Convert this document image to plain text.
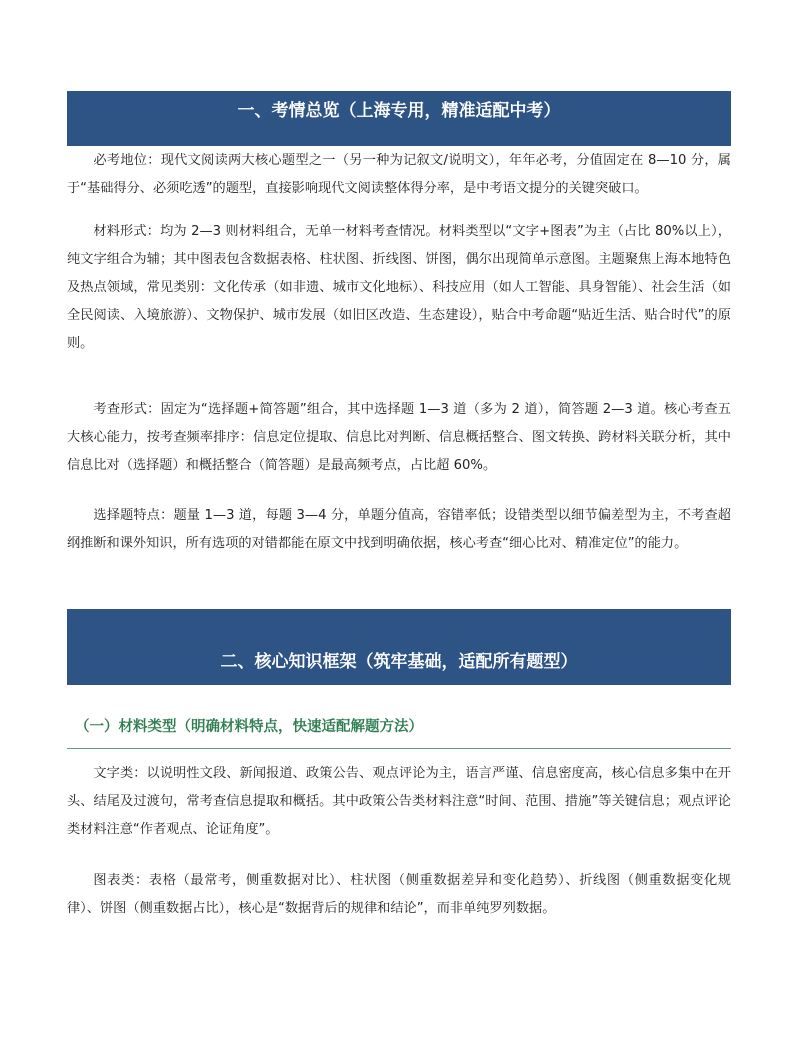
一、考情总览（上海专用，精准适配中考）

必考地位：现代文阅读两大核心题型之一（另一种为记叙文/说明文），年年必考，分值固定在 8—10 分，属于“基础得分、必须吃透”的题型，直接影响现代文阅读整体得分率，是中考语文提分的关键突破口。

材料形式：均为 2—3 则材料组合，无单一材料考查情况。材料类型以“文字+图表”为主（占比 80%以上），纯文字组合为辅；其中图表包含数据表格、柱状图、折线图、饼图，偶尔出现简单示意图。主题聚焦上海本地特色及热点领域，常见类别：文化传承（如非遗、城市文化地标）、科技应用（如人工智能、具身智能）、社会生活（如全民阅读、入境旅游）、文物保护、城市发展（如旧区改造、生态建设），贴合中考命题“贴近生活、贴合时代”的原则。

考查形式：固定为“选择题+简答题”组合，其中选择题 1—3 道（多为 2 道），简答题 2—3 道。核心考查五大核心能力，按考查频率排序：信息定位提取、信息比对判断、信息概括整合、图文转换、跨材料关联分析，其中信息比对（选择题）和概括整合（简答题）是最高频考点，占比超 60%。

选择题特点：题量 1—3 道，每题 3—4 分，单题分值高，容错率低；设错类型以细节偏差型为主，不考查超纲推断和课外知识，所有选项的对错都能在原文中找到明确依据，核心考查“细心比对、精准定位”的能力。

二、核心知识框架（筑牢基础，适配所有题型）
（一）材料类型（明确材料特点，快速适配解题方法）

文字类：以说明性文段、新闻报道、政策公告、观点评论为主，语言严谨、信息密度高，核心信息多集中在开头、结尾及过渡句，常考查信息提取和概括。其中政策公告类材料注意“时间、范围、措施”等关键信息；观点评论类材料注意“作者观点、论证角度”。

图表类：表格（最常考，侧重数据对比）、柱状图（侧重数据差异和变化趋势）、折线图（侧重数据变化规律）、饼图（侧重数据占比），核心是“数据背后的规律和结论”，而非单纯罗列数据。
